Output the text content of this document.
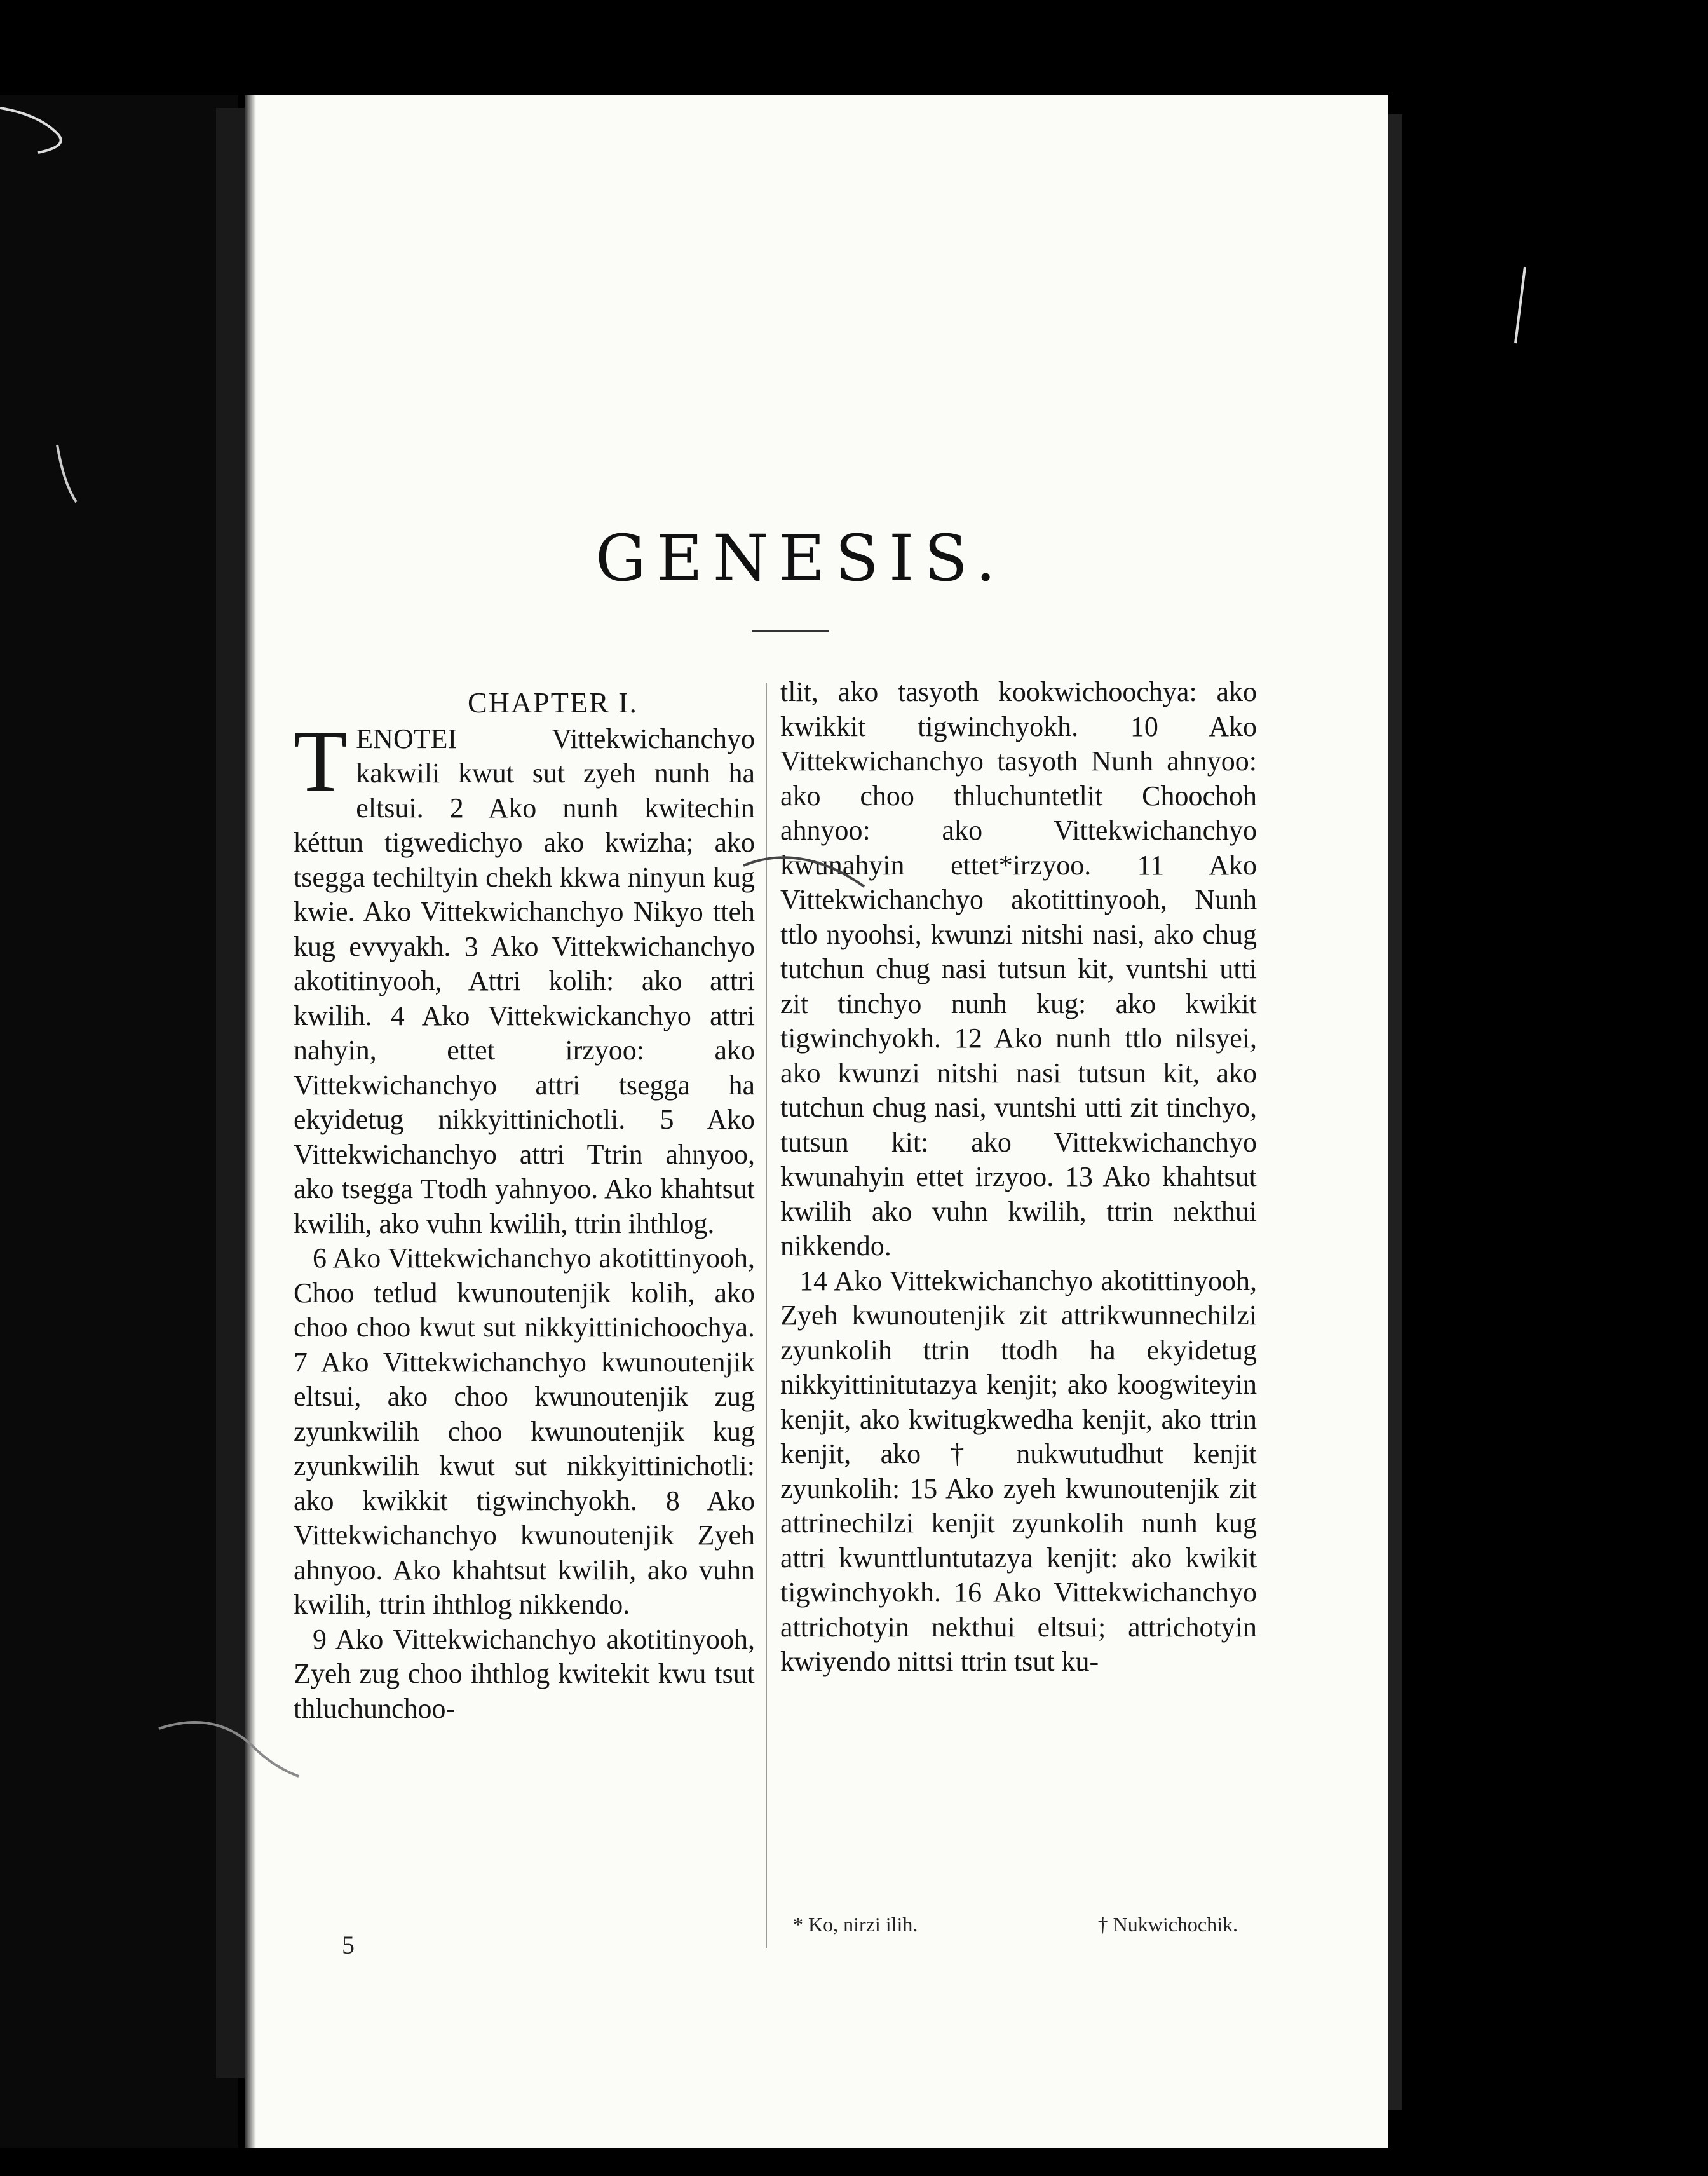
GENESIS.
CHAPTER I.
T ENOTEI Vittekwichanchyo kakwili kwut sut zyeh nunh ha eltsui. 2 Ako nunh kwitechin kéttun tigwedichyo ako kwizha; ako tsegga techiltyin chekh kkwa ninyun kug kwie. Ako Vittekwichanchyo Nikyo tteh kug evvyakh. 3 Ako Vittekwichanchyo akotitinyooh, Attri kolih: ako attri kwilih. 4 Ako Vittekwickanchyo attri nahyin, ettet irzyoo: ako Vittekwichanchyo attri tsegga ha ekyidetug nikkyittinichotli. 5 Ako Vittekwichanchyo attri Ttrin ahnyoo, ako tsegga Ttodh yahnyoo. Ako khahtsut kwilih, ako vuhn kwilih, ttrin ihthlog.

6 Ako Vittekwichanchyo akotittinyooh, Choo tetlud kwunoutenjik kolih, ako choo choo kwut sut nikkyittinichoochya. 7 Ako Vittekwichanchyo kwunoutenjik eltsui, ako choo kwunoutenjik zug zyunkwilih choo kwunoutenjik kug zyunkwilih kwut sut nikkyittinichotli: ako kwikkit tigwinchyokh. 8 Ako Vittekwichanchyo kwunoutenjik Zyeh ahnyoo. Ako khahtsut kwilih, ako vuhn kwilih, ttrin ihthlog nikkendo.

9 Ako Vittekwichanchyo akotitinyooh, Zyeh zug choo ihthlog kwitekit kwu tsut thluchunchoo-

tlit, ako tasyoth kookwichoochya: ako kwikkit tigwinchyokh. 10 Ako Vittekwichanchyo tasyoth Nunh ahnyoo: ako choo thluchuntetlit Choochoh ahnyoo: ako Vittekwichanchyo kwunahyin ettet*irzyoo. 11 Ako Vittekwichanchyo akotittinyooh, Nunh ttlo nyoohsi, kwunzi nitshi nasi, ako chug tutchun chug nasi tutsun kit, vuntshi utti zit tinchyo nunh kug: ako kwikit tigwinchyokh. 12 Ako nunh ttlo nilsyei, ako kwunzi nitshi nasi tutsun kit, ako tutchun chug nasi, vuntshi utti zit tinchyo, tutsun kit: ako Vittekwichanchyo kwunahyin ettet irzyoo. 13 Ako khahtsut kwilih ako vuhn kwilih, ttrin nekthui nikkendo.

14 Ako Vittekwichanchyo akotittinyooh, Zyeh kwunoutenjik zit attrikwunnechilzi zyunkolih ttrin ttodh ha ekyidetug nikkyittinitutazya kenjit; ako koogwiteyin kenjit, ako kwitugkwedha kenjit, ako ttrin kenjit, ako † nukwutudhut kenjit zyunkolih: 15 Ako zyeh kwunoutenjik zit attrinechilzi kenjit zyunkolih nunh kug attri kwunttluntutazya kenjit: ako kwikit tigwinchyokh. 16 Ako Vittekwichanchyo attrichotyin nekthui eltsui; attrichotyin kwiyendo nittsi ttrin tsut ku-

5
* Ko, nirzi ilih.	† Nukwichochik.
